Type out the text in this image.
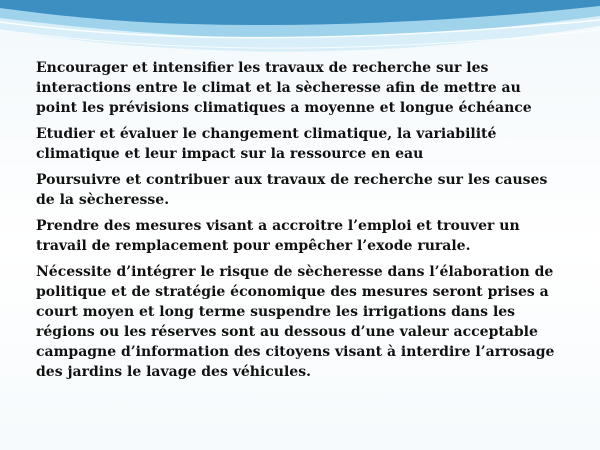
Encourager et intensifier les travaux de recherche sur les interactions entre le climat et la sècheresse afin de mettre au point les prévisions climatiques a moyenne et longue échéance

Etudier et évaluer le changement climatique, la variabilité climatique et leur impact sur la ressource en eau

Poursuivre et contribuer aux travaux de recherche sur les causes de la sècheresse.

Prendre des mesures visant a accroitre l’emploi et trouver un travail de remplacement pour empêcher l’exode rurale.

Nécessite d’intégrer le risque de sècheresse dans l’élaboration de politique et de stratégie économique des mesures seront prises a court moyen et long terme suspendre les irrigations dans les régions ou les réserves sont au dessous d’une valeur acceptable campagne d’information des citoyens visant à interdire l’arrosage des jardins le lavage des véhicules.
